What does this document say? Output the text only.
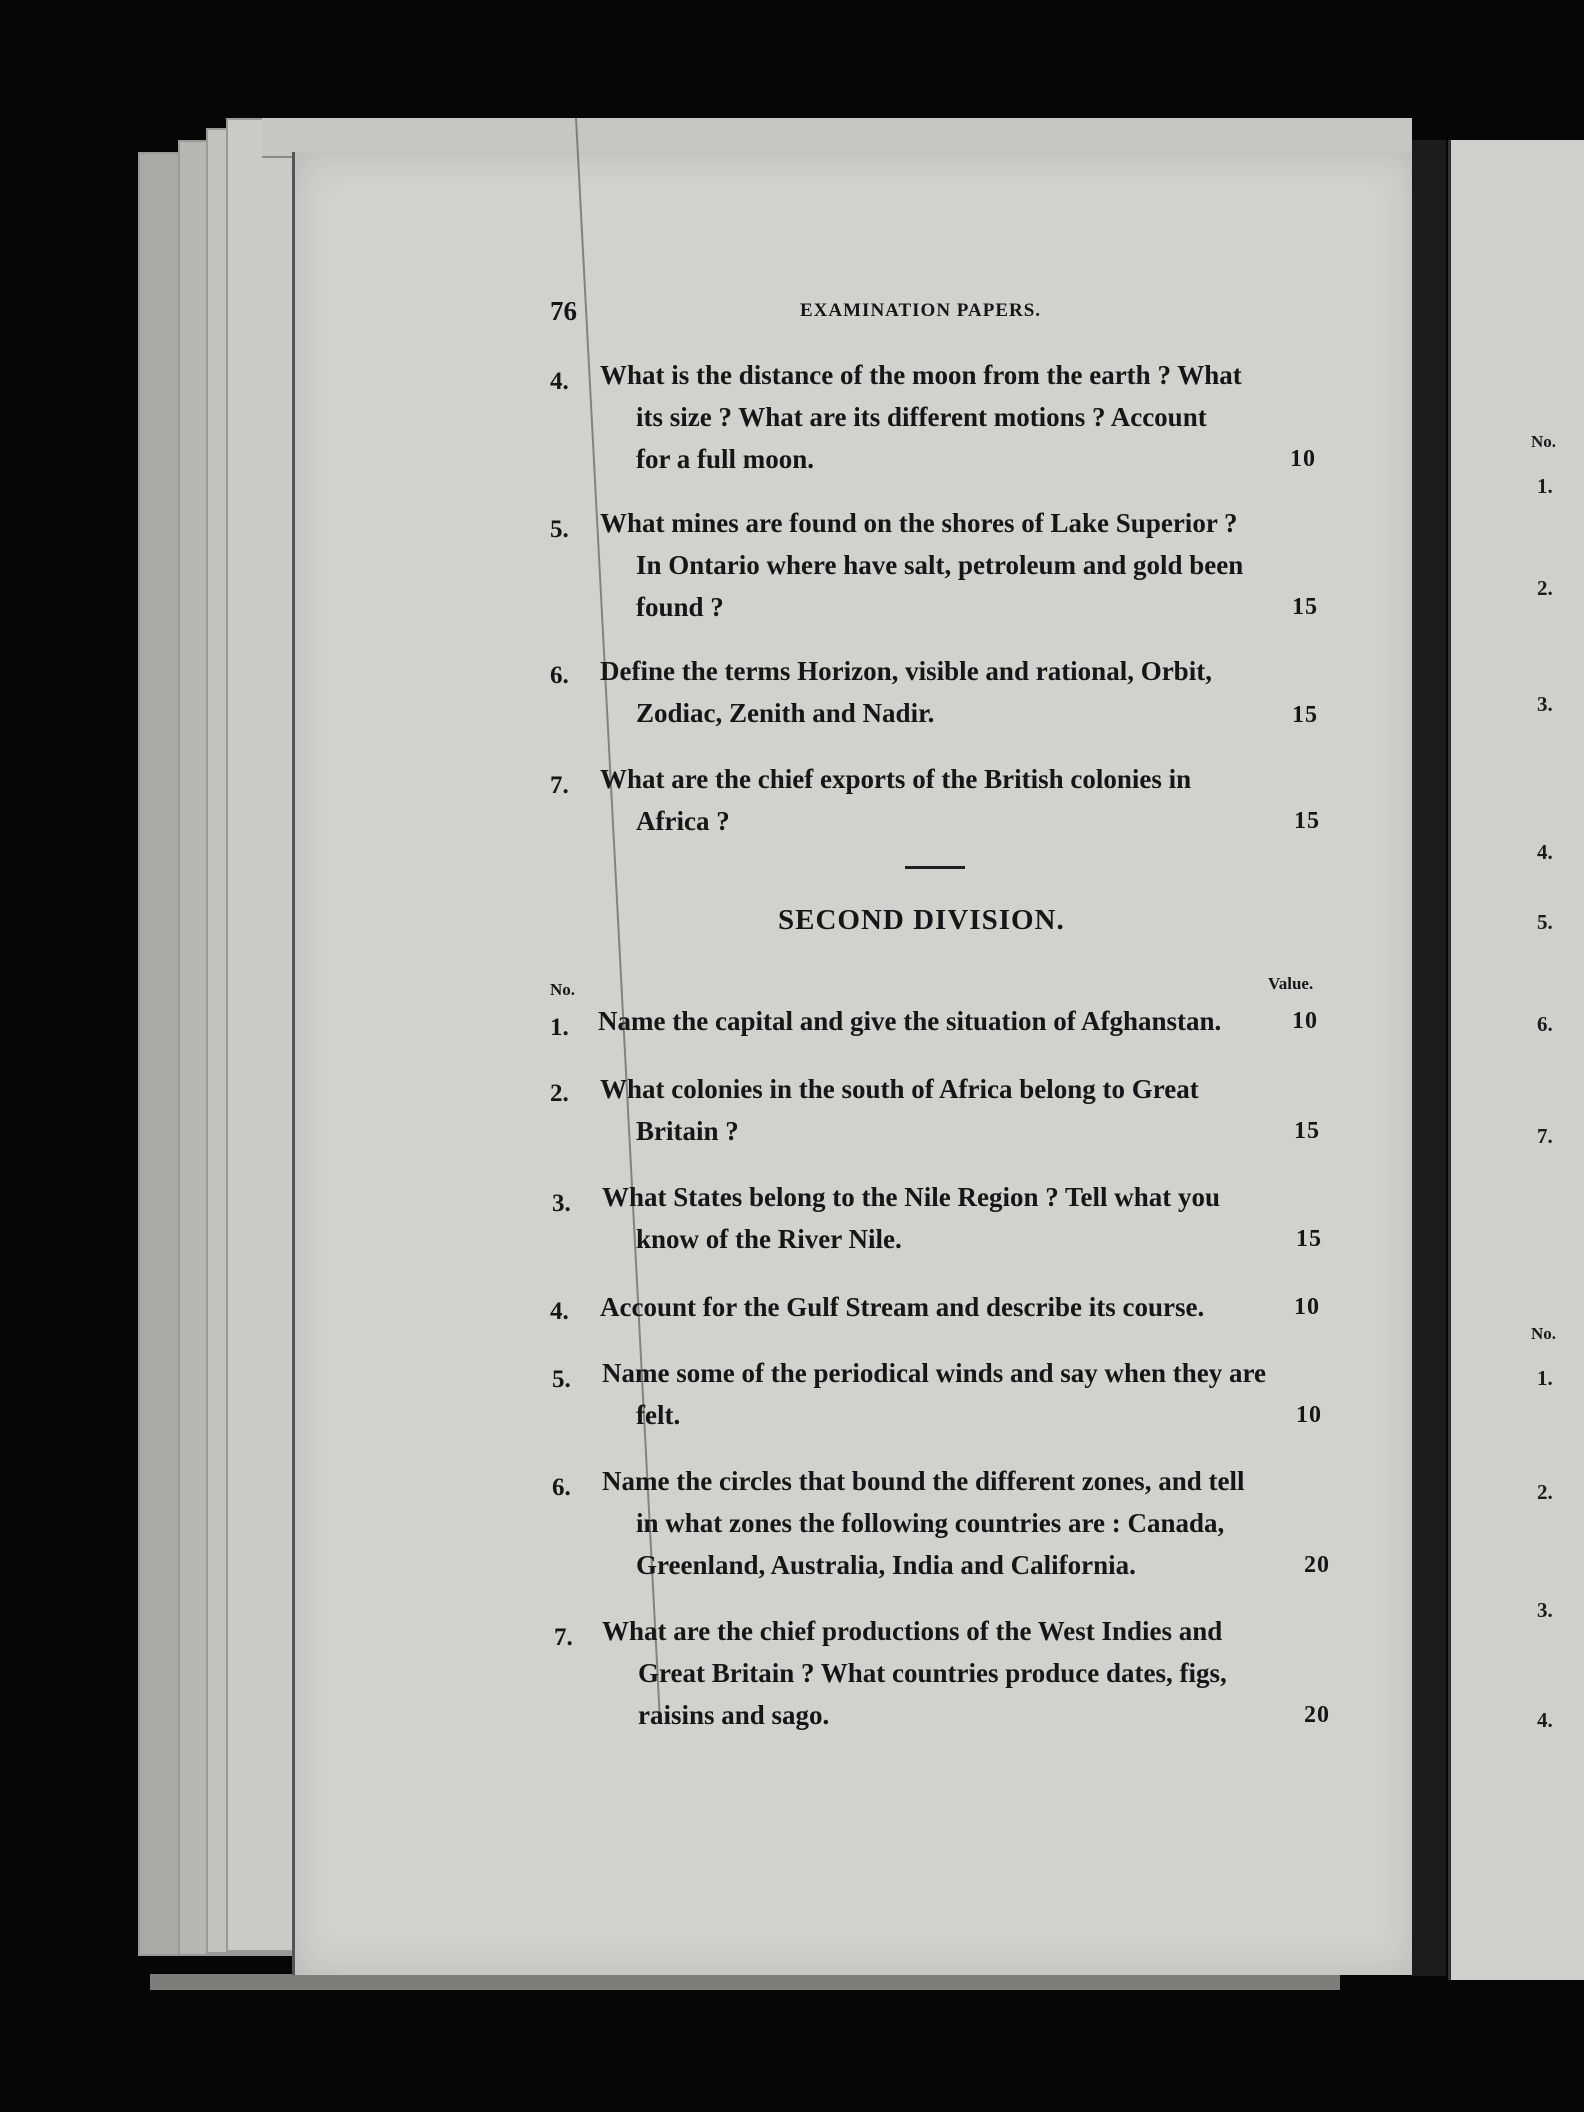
No.
1.
2.
3.
4.
5.
6.
7.
No.
1.
2.
3.
4.
76	EXAMINATION PAPERS.
4. What is the distance of the moon from the earth ? What
its size ? What are its different motions ? Account
for a full moon.	10
5. What mines are found on the shores of Lake Superior ?
In Ontario where have salt, petroleum and gold been
found ?	15
6. Define the terms Horizon, visible and rational, Orbit,
Zodiac, Zenith and Nadir.	15
7. What are the chief exports of the British colonies in
Africa ?	15
SECOND DIVISION.
No.	Value.
1. Name the capital and give the situation of Afghanstan.	10
2. What colonies in the south of Africa belong to Great
Britain ?	15
3. What States belong to the Nile Region ? Tell what you
know of the River Nile.	15
4. Account for the Gulf Stream and describe its course.	10
5. Name some of the periodical winds and say when they are
felt.	10
6. Name the circles that bound the different zones, and tell
in what zones the following countries are : Canada,
Greenland, Australia, India and California.	20
7. What are the chief productions of the West Indies and
Great Britain ? What countries produce dates, figs,
raisins and sago.	20
